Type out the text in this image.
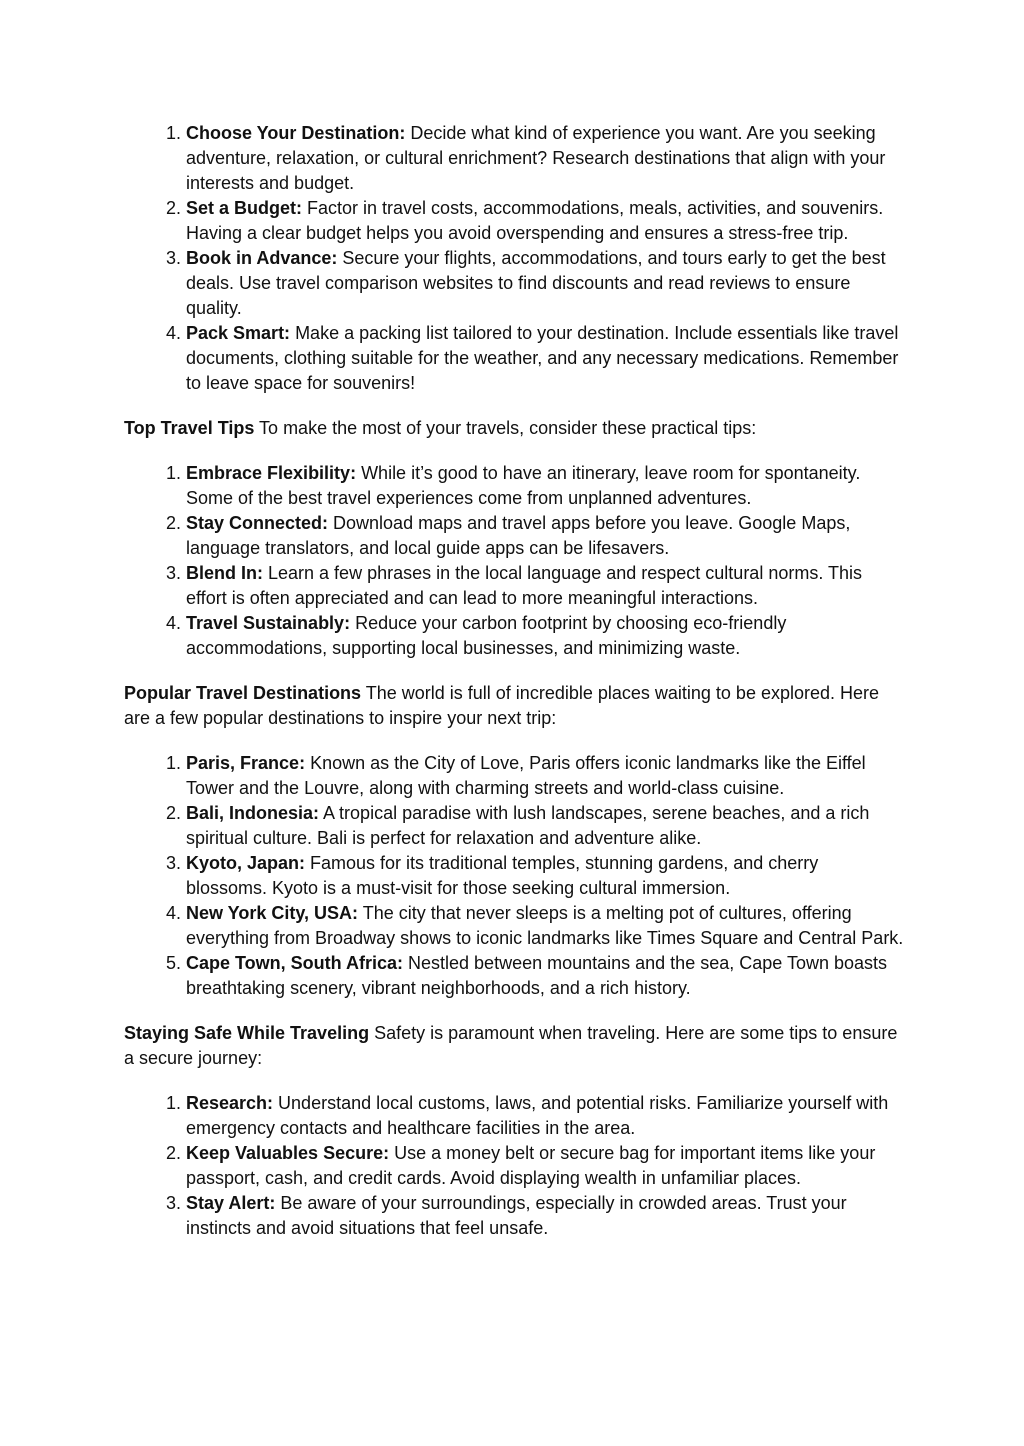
1. Choose Your Destination: Decide what kind of experience you want. Are you seeking adventure, relaxation, or cultural enrichment? Research destinations that align with your interests and budget.
2. Set a Budget: Factor in travel costs, accommodations, meals, activities, and souvenirs. Having a clear budget helps you avoid overspending and ensures a stress-free trip.
3. Book in Advance: Secure your flights, accommodations, and tours early to get the best deals. Use travel comparison websites to find discounts and read reviews to ensure quality.
4. Pack Smart: Make a packing list tailored to your destination. Include essentials like travel documents, clothing suitable for the weather, and any necessary medications. Remember to leave space for souvenirs!

Top Travel Tips To make the most of your travels, consider these practical tips:

1. Embrace Flexibility: While it’s good to have an itinerary, leave room for spontaneity. Some of the best travel experiences come from unplanned adventures.
2. Stay Connected: Download maps and travel apps before you leave. Google Maps, language translators, and local guide apps can be lifesavers.
3. Blend In: Learn a few phrases in the local language and respect cultural norms. This effort is often appreciated and can lead to more meaningful interactions.
4. Travel Sustainably: Reduce your carbon footprint by choosing eco-friendly accommodations, supporting local businesses, and minimizing waste.

Popular Travel Destinations The world is full of incredible places waiting to be explored. Here are a few popular destinations to inspire your next trip:

1. Paris, France: Known as the City of Love, Paris offers iconic landmarks like the Eiffel Tower and the Louvre, along with charming streets and world-class cuisine.
2. Bali, Indonesia: A tropical paradise with lush landscapes, serene beaches, and a rich spiritual culture. Bali is perfect for relaxation and adventure alike.
3. Kyoto, Japan: Famous for its traditional temples, stunning gardens, and cherry blossoms. Kyoto is a must-visit for those seeking cultural immersion.
4. New York City, USA: The city that never sleeps is a melting pot of cultures, offering everything from Broadway shows to iconic landmarks like Times Square and Central Park.
5. Cape Town, South Africa: Nestled between mountains and the sea, Cape Town boasts breathtaking scenery, vibrant neighborhoods, and a rich history.

Staying Safe While Traveling Safety is paramount when traveling. Here are some tips to ensure a secure journey:

1. Research: Understand local customs, laws, and potential risks. Familiarize yourself with emergency contacts and healthcare facilities in the area.
2. Keep Valuables Secure: Use a money belt or secure bag for important items like your passport, cash, and credit cards. Avoid displaying wealth in unfamiliar places.
3. Stay Alert: Be aware of your surroundings, especially in crowded areas. Trust your instincts and avoid situations that feel unsafe.
